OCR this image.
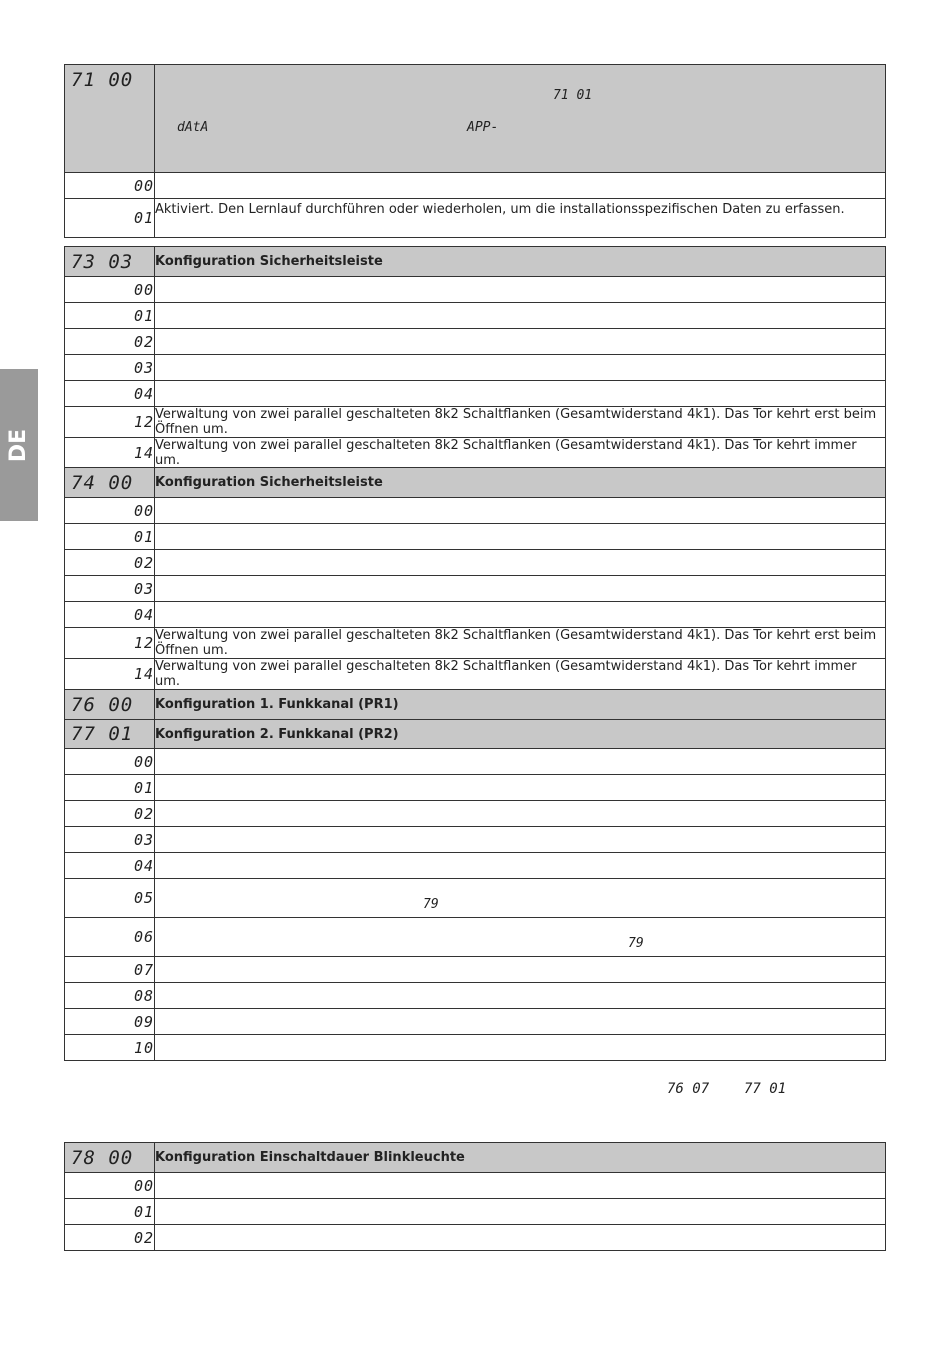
DE
71 00	71 01
dAtA APP-

00	
01	Aktiviert. Den Lernlauf durchführen oder wiederholen, um die installationsspezifischen Daten zu erfassen.
73 03	Konfiguration Sicherheitsleiste
00	
01	
02	
03	
04	
12	Verwaltung von zwei parallel geschalteten 8k2 Schaltflanken (Gesamtwiderstand 4k1). Das Tor kehrt erst beim Öffnen um.
14	Verwaltung von zwei parallel geschalteten 8k2 Schaltflanken (Gesamtwiderstand 4k1). Das Tor kehrt immer um.
74 00	Konfiguration Sicherheitsleiste
00	
01	
02	
03	
04	
12	Verwaltung von zwei parallel geschalteten 8k2 Schaltflanken (Gesamtwiderstand 4k1). Das Tor kehrt erst beim Öffnen um.
14	Verwaltung von zwei parallel geschalteten 8k2 Schaltflanken (Gesamtwiderstand 4k1). Das Tor kehrt immer um.
76 00	Konfiguration 1. Funkkanal (PR1)
77 01	Konfiguration 2. Funkkanal (PR2)
00	
01	
02	
03	
04	
05	79

06	79

07	
08	
09	
10	
76 07 77 01
78 00	Konfiguration Einschaltdauer Blinkleuchte
00	
01	
02	
